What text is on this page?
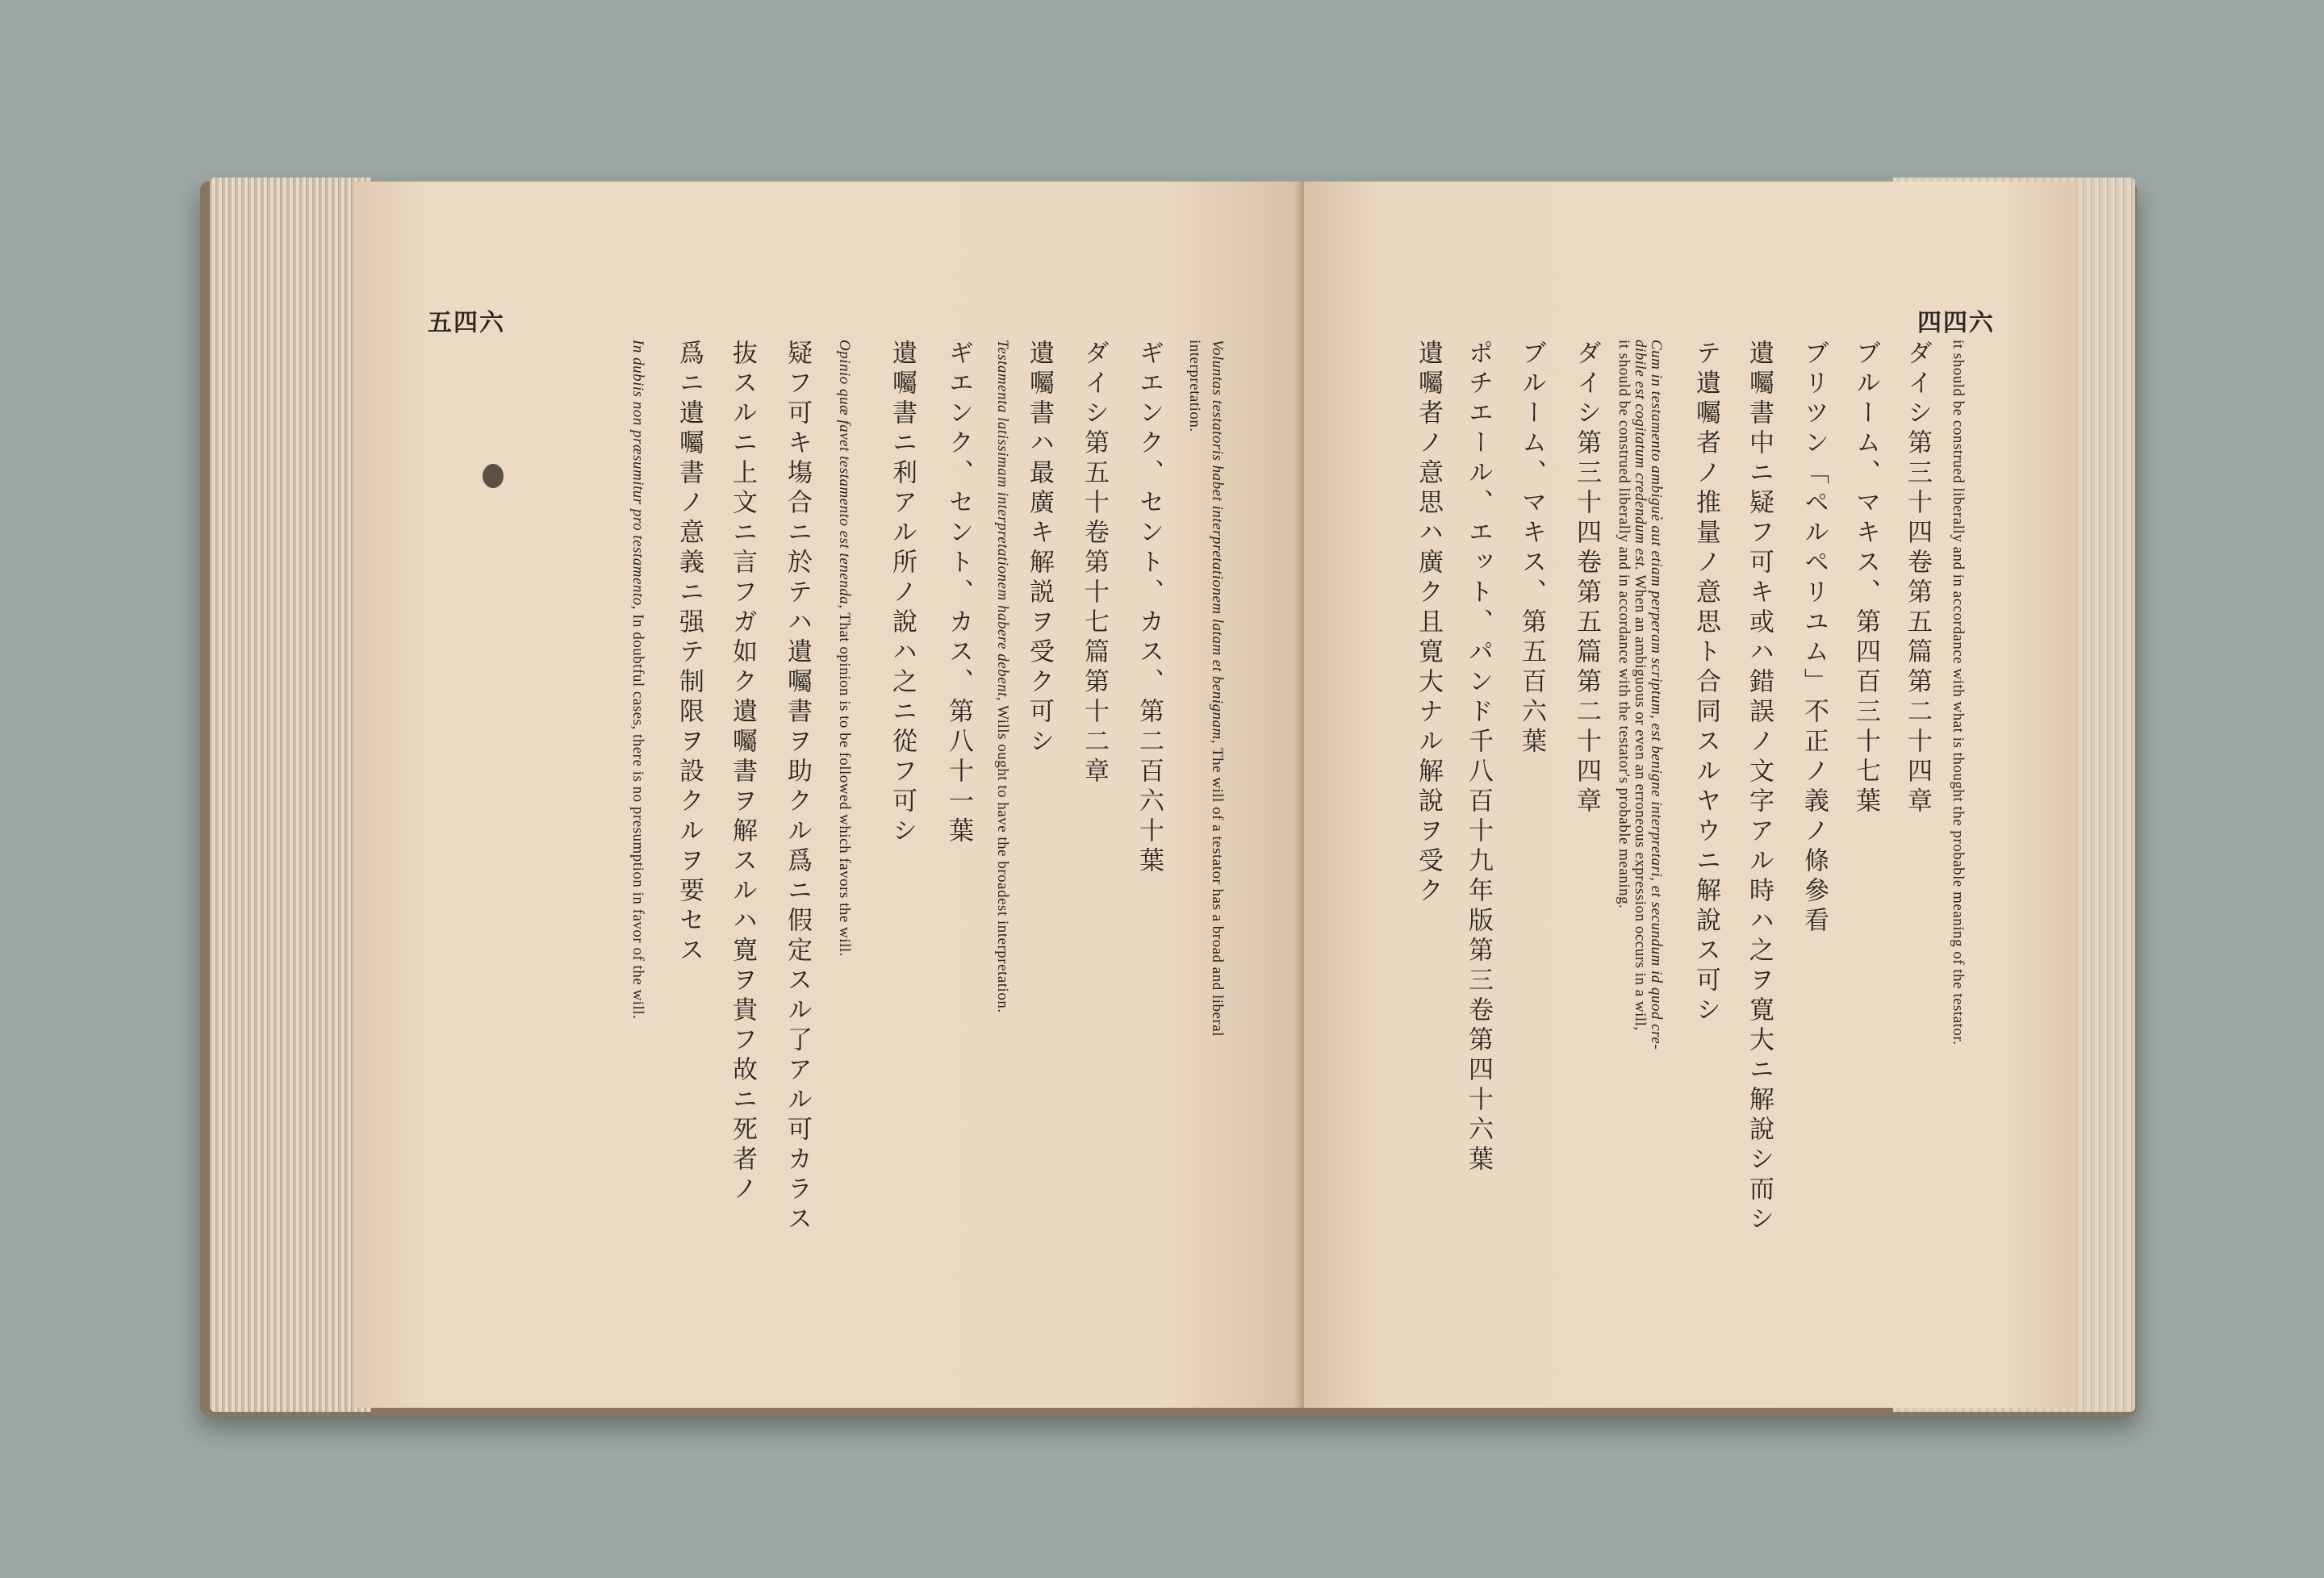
五四六
Voluntas testatoris habet interpretationem latam et benignam, The will of a testator has a broad and liberal
interpretation.
ギエンク、セント、カス、第二百六十葉
ダイシ第五十卷第十七篇第十二章
遺囑書ハ最廣キ解説ヲ受ク可シ
Testamenta latissimam interpretationem habere debent, Wills ought to have the broadest interpretation.
ギエンク、セント、カス、第八十一葉
遺囑書ニ利アル所ノ說ハ之ニ從フ可シ
Opinio quæ favet testamento est tenenda, That opinion is to be followed which favors the will.
疑フ可キ塲合ニ於テハ遺囑書ヲ助クル爲ニ假定スル了アル可カラス
抜スルニ上文ニ言フガ如ク遺囑書ヲ解スルハ寛ヲ貴フ故ニ死者ノ
爲ニ遺囑書ノ意義ニ强テ制限ヲ設クルヲ要セス
In dubiis non præsumitur pro testamento, In doubtful cases, there is no presumption in favor of the will.
四四六
it should be construed liberally and in accordance with what is thought the probable meaning of the testator.
ダイシ第三十四卷第五篇第二十四章
ブルーム、マキス、第四百三十七葉
ブリツン「ペルペリユム」不正ノ義ノ條參看
遺囑書中ニ疑フ可キ或ハ錯誤ノ文字アル時ハ之ヲ寛大ニ解說シ而シ
テ遺囑者ノ推量ノ意思ト合同スルヤウニ解說ス可シ
Cum in testamento ambiguè aut etiam perperam scriptum, est benigne interpretari, et secundum id quod cre-
dibile est cogitatum credendum est. When an ambiguous or even an erroneous expression occurs in a will,
it should be construed liberally and in accordance with the testator's probable meaning.
ダイシ第三十四卷第五篇第二十四章
ブルーム、マキス、第五百六葉
ポチエール、エット、パンド千八百十九年版第三卷第四十六葉
遺囑者ノ意思ハ廣ク且寛大ナル解說ヲ受ク
